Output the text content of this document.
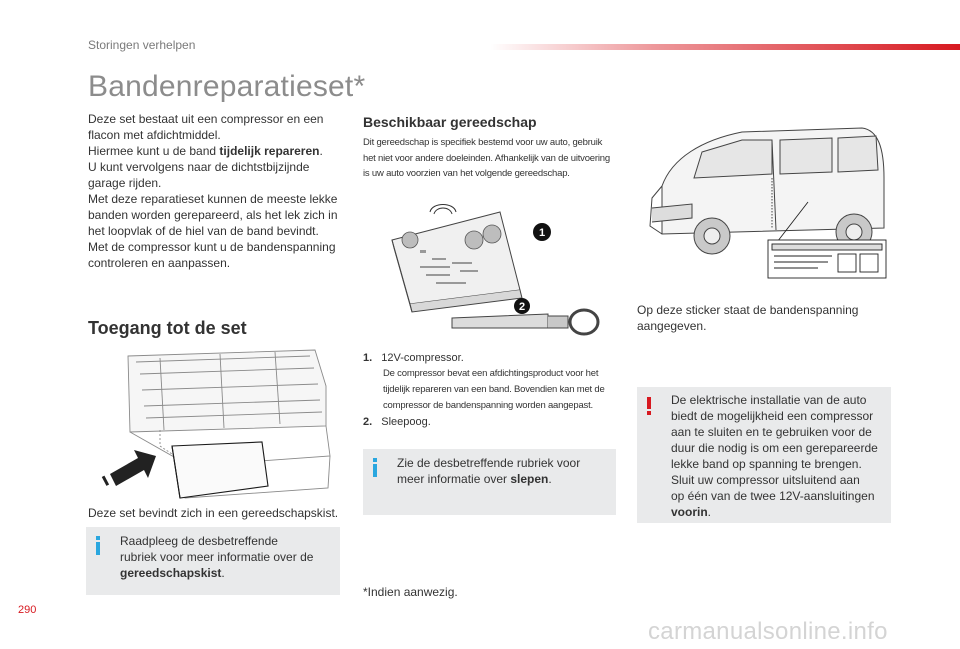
Storingen verhelpen
Bandenreparatieset*
Deze set bestaat uit een compressor en een
flacon met afdichtmiddel.
Hiermee kunt u de band tijdelijk repareren.
U kunt vervolgens naar de dichtstbijzijnde
garage rijden.
Met deze reparatieset kunnen de meeste lekke
banden worden gerepareerd, als het lek zich in
het loopvlak of de hiel van de band bevindt.
Met de compressor kunt u de bandenspanning
controleren en aanpassen.
Toegang tot de set
Deze set bevindt zich in een gereedschapskist.
Raadpleeg de desbetreffende
rubriek voor meer informatie over de
gereedschapskist.
Beschikbaar gereedschap
Dit gereedschap is specifiek bestemd voor uw auto, gebruik
het niet voor andere doeleinden. Afhankelijk van de uitvoering
is uw auto voorzien van het volgende gereedschap.
1
2
1. 12V-compressor.
De compressor bevat een afdichtingsproduct voor het
tijdelijk repareren van een band. Bovendien kan met de
compressor de bandenspanning worden aangepast.
2. Sleepoog.
Zie de desbetreffende rubriek voor
meer informatie over slepen.
*Indien aanwezig.
Op deze sticker staat de bandenspanning
aangegeven.
De elektrische installatie van de auto
biedt de mogelijkheid een compressor
aan te sluiten en te gebruiken voor de
duur die nodig is om een gerepareerde
lekke band op spanning te brengen.
Sluit uw compressor uitsluitend aan
op één van de twee 12V-aansluitingen
voorin.
290
carmanualsonline.info
